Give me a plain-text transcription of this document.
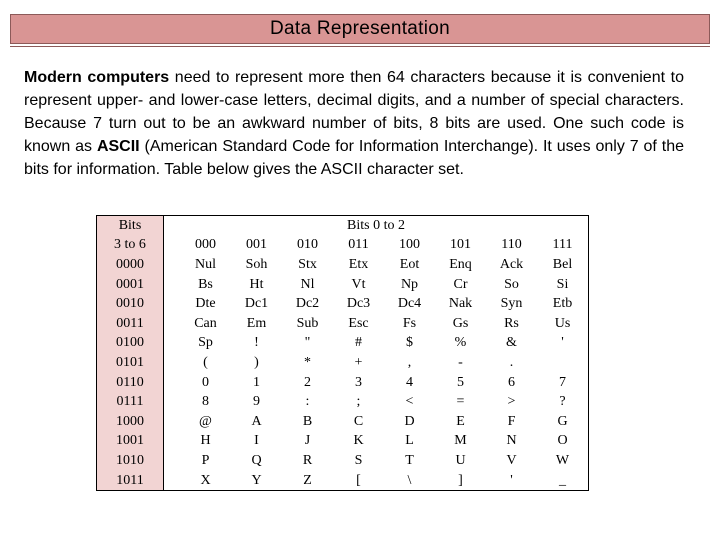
Data Representation
Modern computers need to represent more then 64 characters because it is convenient to represent upper- and lower-case letters, decimal digits, and a number of special characters. Because 7 turn out to be an awkward number of bits, 8 bits are used. One such code is known as ASCII (American Standard Code for Information Interchange). It uses only 7 of the bits for information. Table below gives the ASCII character set.
Bits	Bits 0 to 2								
3 to 6		000	001	010	011	100	101	110	111
0000		Nul	Soh	Stx	Etx	Eot	Enq	Ack	Bel
0001		Bs	Ht	Nl	Vt	Np	Cr	So	Si
0010		Dte	Dc1	Dc2	Dc3	Dc4	Nak	Syn	Etb
0011		Can	Em	Sub	Esc	Fs	Gs	Rs	Us
0100		Sp	!	"	#	$	%	&	'
0101		(	)	*	+	,	-	.	
0110		0	1	2	3	4	5	6	7
0111		8	9	:	;	<	=	>	?
1000		@	A	B	C	D	E	F	G
1001		H	I	J	K	L	M	N	O
1010		P	Q	R	S	T	U	V	W
1011		X	Y	Z	[	\	]	'	_
